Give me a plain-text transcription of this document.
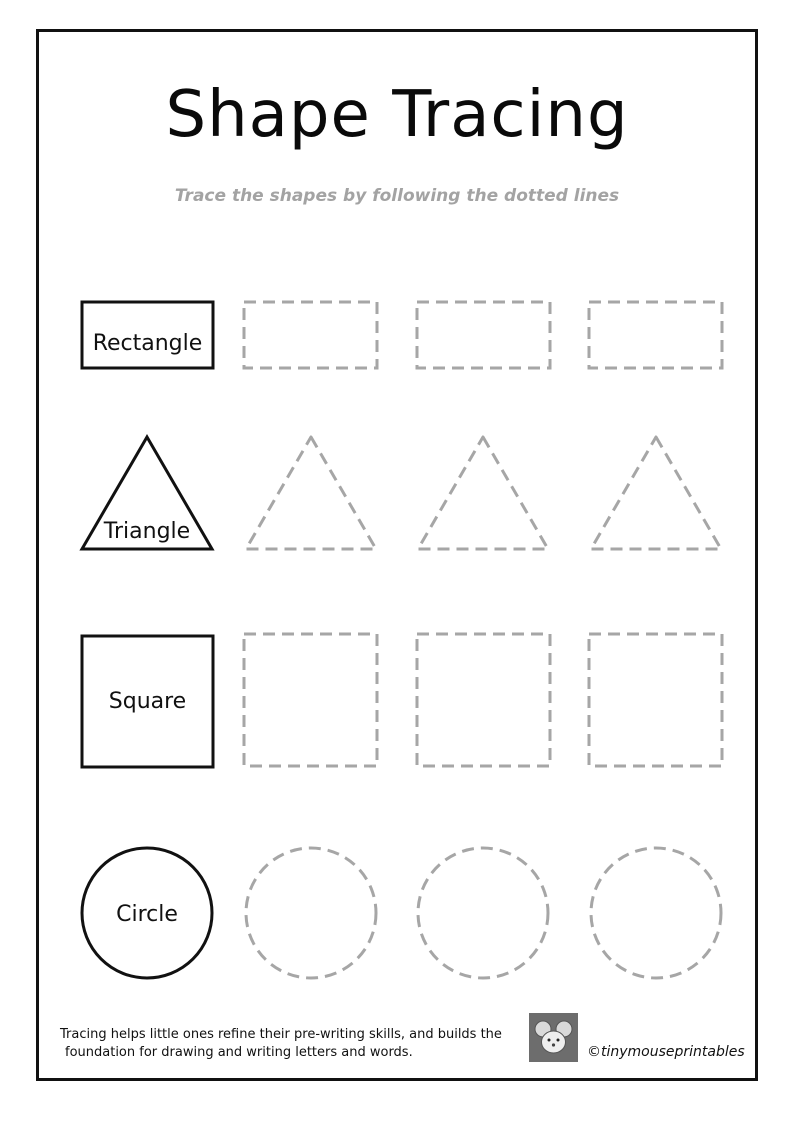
Shape Tracing
Trace the shapes by following the dotted lines
Rectangle
Triangle
Square
Circle
Tracing helps little ones refine their pre-writing skills, and builds the
foundation for drawing and writing letters and words.	©tinymouseprintables
